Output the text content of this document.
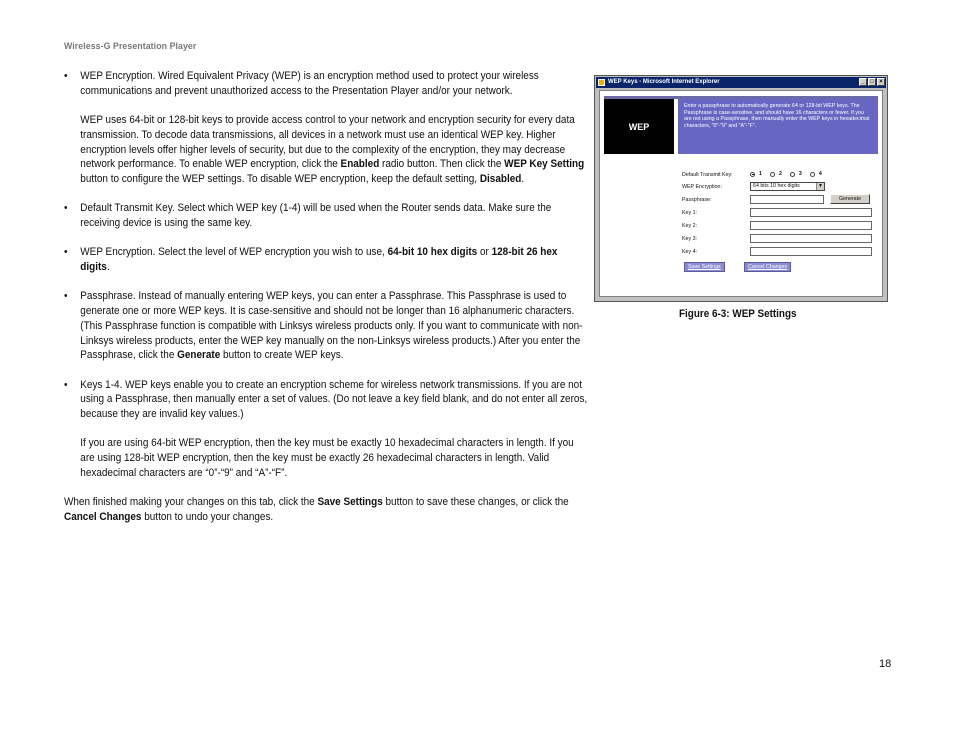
Wireless-G Presentation Player
• WEP Encryption. Wired Equivalent Privacy (WEP) is an encryption method used to protect your wireless communications and prevent unauthorized access to the Presentation Player and/or your network.

WEP uses 64-bit or 128-bit keys to provide access control to your network and encryption security for every data transmission. To decode data transmissions, all devices in a network must use an identical WEP key. Higher encryption levels offer higher levels of security, but due to the complexity of the encryption, they may decrease network performance. To enable WEP encryption, click the Enabled radio button. Then click the WEP Key Setting button to configure the WEP settings. To disable WEP encryption, keep the default setting, Disabled.

• Default Transmit Key. Select which WEP key (1-4) will be used when the Router sends data. Make sure the receiving device is using the same key.

• WEP Encryption. Select the level of WEP encryption you wish to use, 64-bit 10 hex digits or 128-bit 26 hex digits.

• Passphrase. Instead of manually entering WEP keys, you can enter a Passphrase. This Passphrase is used to generate one or more WEP keys. It is case-sensitive and should not be longer than 16 alphanumeric characters. (This Passphrase function is compatible with Linksys wireless products only. If you want to communicate with non-Linksys wireless products, enter the WEP key manually on the non-Linksys wireless products.) After you enter the Passphrase, click the Generate button to create WEP keys.

• Keys 1-4. WEP keys enable you to create an encryption scheme for wireless network transmissions. If you are not using a Passphrase, then manually enter a set of values. (Do not leave a key field blank, and do not enter all zeros, because they are invalid key values.)

If you are using 64-bit WEP encryption, then the key must be exactly 10 hexadecimal characters in length. If you are using 128-bit WEP encryption, then the key must be exactly 26 hexadecimal characters in length. Valid hexadecimal characters are “0”-“9” and “A”-“F”.

When finished making your changes on this tab, click the Save Settings button to save these changes, or click the Cancel Changes button to undo your changes.

WEP Keys - Microsoft Internet Explorer	_ □ ×
WEP
Enter a passphrase to automatically generate 64 or 128-bit WEP keys. The Passphrase is case-sensitive, and should have 16 characters or fewer. If you are not using a Passphrase, then manually enter the WEP keys in hexadecimal characters, "0"-"9" and "A"-"F".
Default Transmit Key:	1	2	3	4
WEP Encryption:	64 bits 10 hex digits	▼
Passphrase:	Generate
Key 1:
Key 2:
Key 3:
Key 4:
Save Settings	Cancel Changes
Figure 6-3: WEP Settings
18
